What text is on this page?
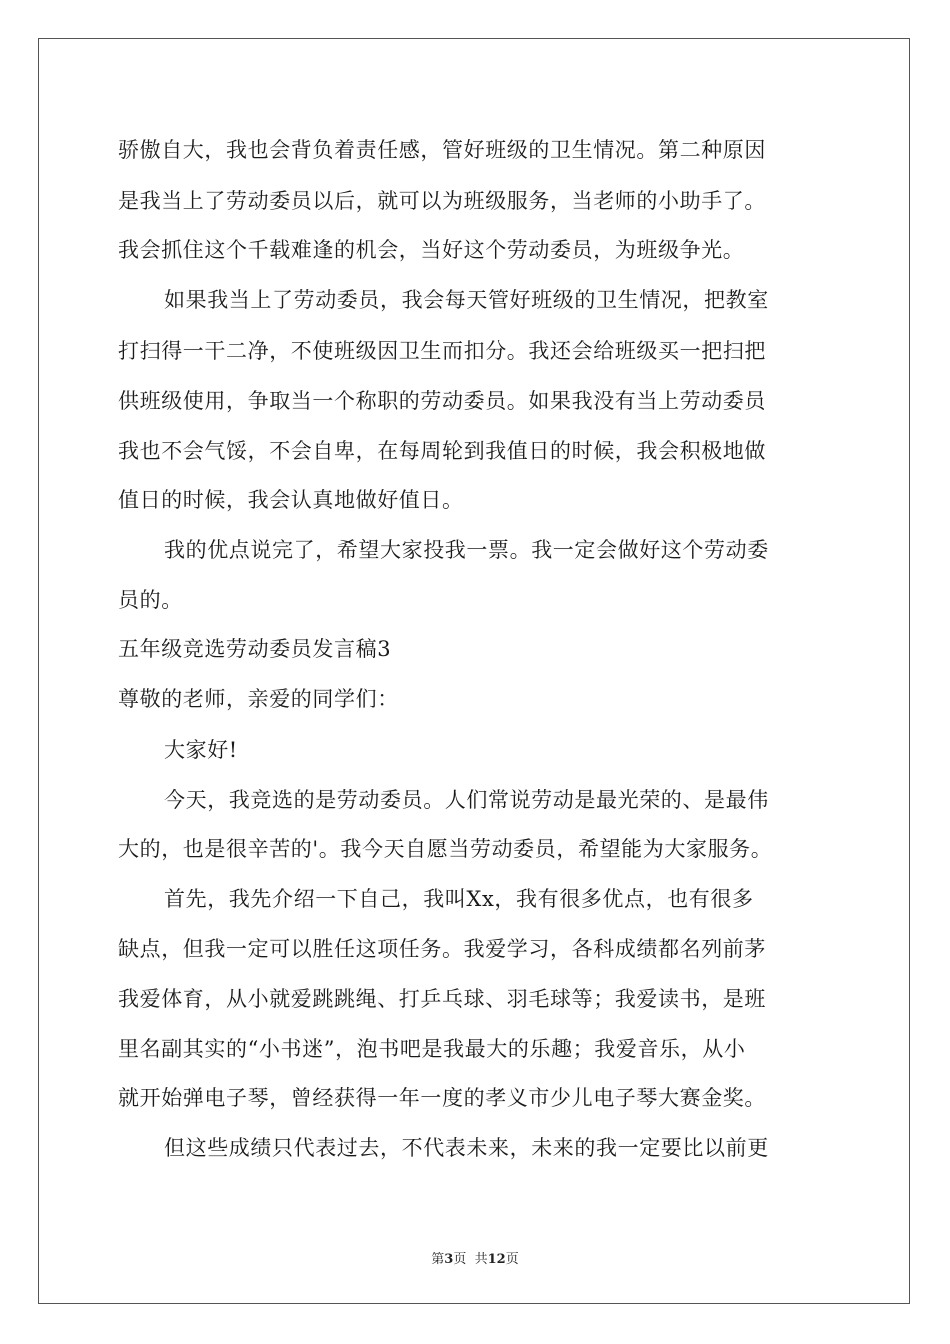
骄傲自大，我也会背负着责任感，管好班级的卫生情况。第二种原因
是我当上了劳动委员以后，就可以为班级服务，当老师的小助手了。
我会抓住这个千载难逢的机会，当好这个劳动委员，为班级争光。
如果我当上了劳动委员，我会每天管好班级的卫生情况，把教室
打扫得一干二净，不使班级因卫生而扣分。我还会给班级买一把扫把
供班级使用，争取当一个称职的劳动委员。如果我没有当上劳动委员
我也不会气馁，不会自卑，在每周轮到我值日的时候，我会积极地做
值日的时候，我会认真地做好值日。
我的优点说完了，希望大家投我一票。我一定会做好这个劳动委
员的。
五年级竞选劳动委员发言稿3
尊敬的老师，亲爱的同学们：
大家好!
今天，我竞选的是劳动委员。人们常说劳动是最光荣的、是最伟
大的，也是很辛苦的'。我今天自愿当劳动委员，希望能为大家服务。
首先，我先介绍一下自己，我叫Xx，我有很多优点，也有很多
缺点，但我一定可以胜任这项任务。我爱学习，各科成绩都名列前茅
我爱体育，从小就爱跳跳绳、打乒乓球、羽毛球等；我爱读书，是班
里名副其实的“小书迷”，泡书吧是我最大的乐趣；我爱音乐，从小
就开始弹电子琴，曾经获得一年一度的孝义市少儿电子琴大赛金奖。
但这些成绩只代表过去，不代表未来，未来的我一定要比以前更
第3页  共12页
